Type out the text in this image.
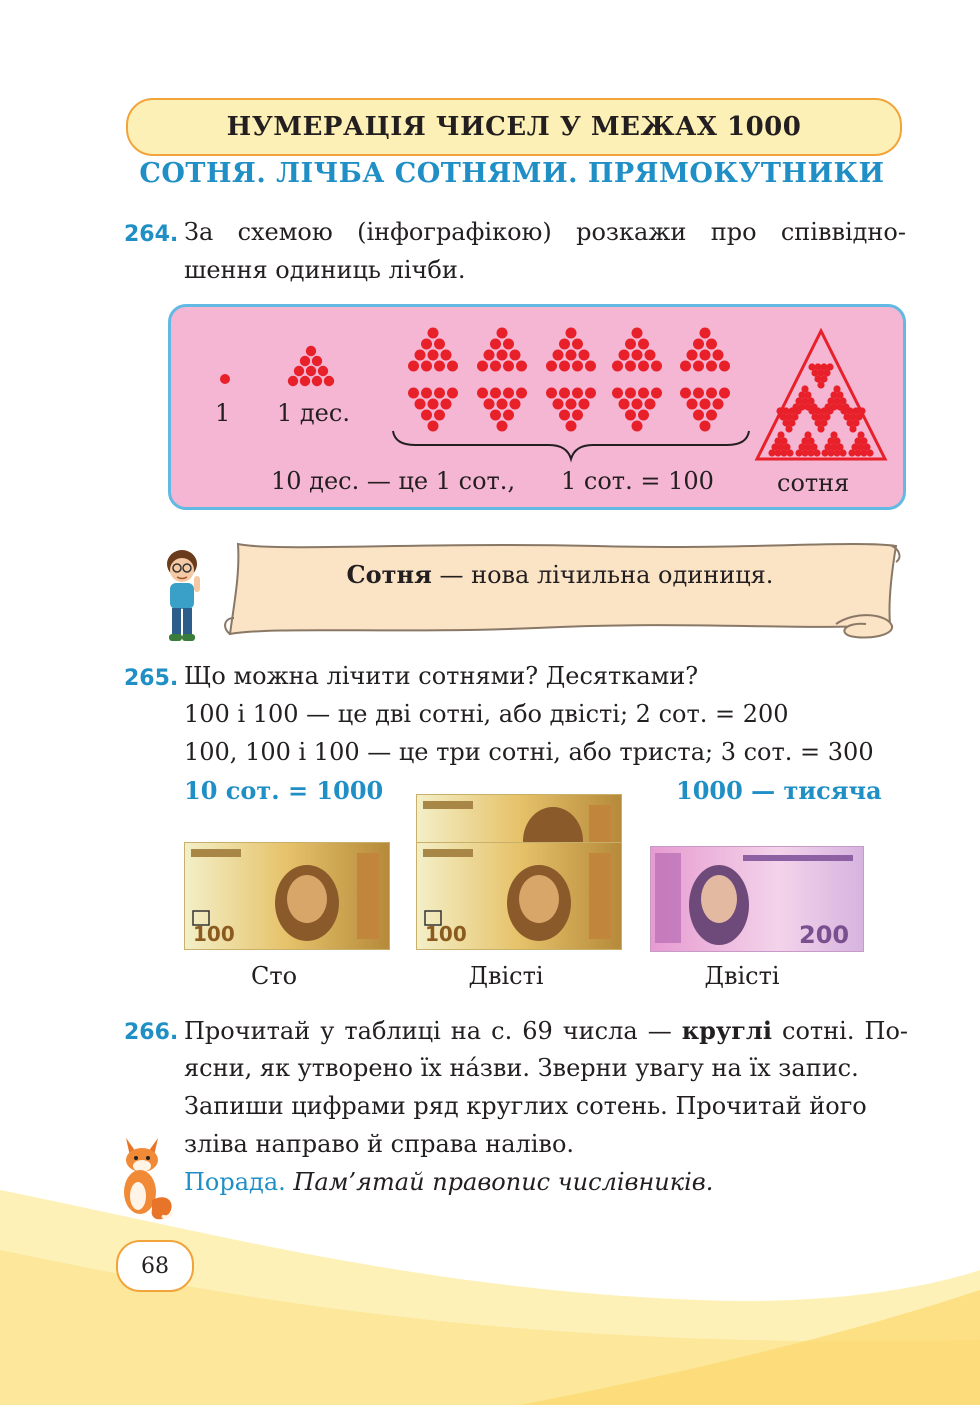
НУМЕРАЦІЯ ЧИСЕЛ У МЕЖАХ 1000
СОТНЯ. ЛІЧБА СОТНЯМИ. ПРЯМОКУТНИКИ
264. За схемою (інфографікою) розкажи про співвідно-
шення одиниць лічби.
1 1 дес.
10 дес. — це 1 сот., 1 сот. = 100	сотня
Сотня — нова лічильна одиниця.
265. Що можна лічити сотнями? Десятками?
100 і 100 — це дві сотні, або двісті; 2 сот. = 200
100, 100 і 100 — це три сотні, або триста; 3 сот. = 300
10 сот. = 1000	1000 — тисяча
100	100	200
Сто	Двісті	Двісті
266. Прочитай у таблиці на с. 69 числа — круглі сотні. По-
ясни, як утворено їх на́зви. Зверни увагу на їх запис.
Запиши цифрами ряд круглих сотень. Прочитай його
зліва направо й справа наліво.
Порада. Пам’ятай правопис числівників.
68
